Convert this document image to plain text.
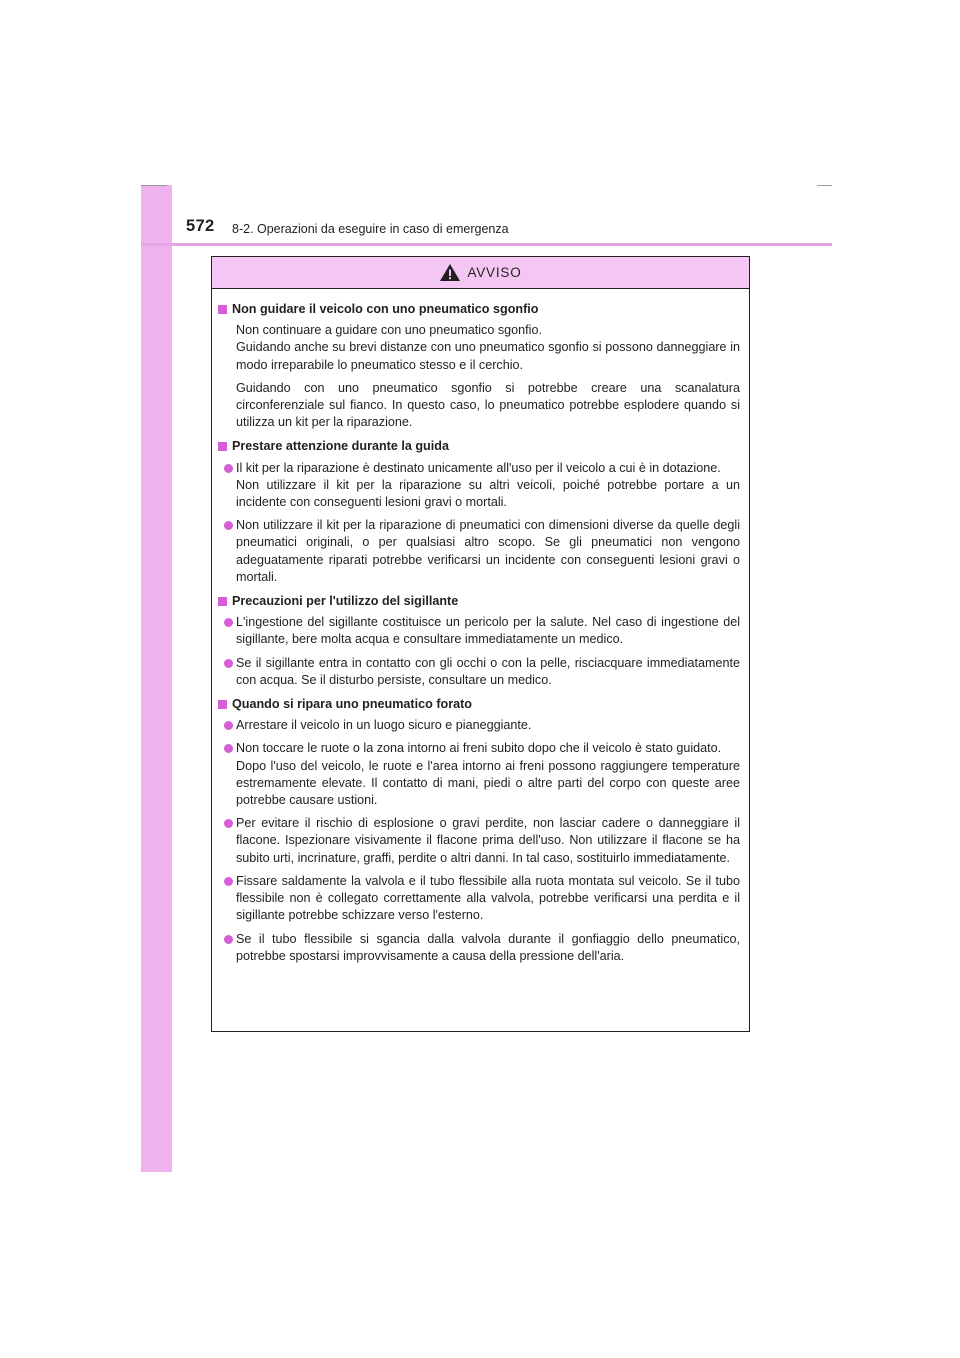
572 8-2. Operazioni da eseguire in caso di emergenza
AVVISO
Non guidare il veicolo con uno pneumatico sgonfio
Non continuare a guidare con uno pneumatico sgonfio.
Guidando anche su brevi distanze con uno pneumatico sgonfio si possono danneggiare in modo irreparabile lo pneumatico stesso e il cerchio.
Guidando con uno pneumatico sgonfio si potrebbe creare una scanalatura circonferenziale sul fianco. In questo caso, lo pneumatico potrebbe esplodere quando si utilizza un kit per la riparazione.
Prestare attenzione durante la guida
Il kit per la riparazione è destinato unicamente all'uso per il veicolo a cui è in dotazione.
Non utilizzare il kit per la riparazione su altri veicoli, poiché potrebbe portare a un incidente con conseguenti lesioni gravi o mortali.
Non utilizzare il kit per la riparazione di pneumatici con dimensioni diverse da quelle degli pneumatici originali, o per qualsiasi altro scopo. Se gli pneumatici non vengono adeguatamente riparati potrebbe verificarsi un incidente con conseguenti lesioni gravi o mortali.
Precauzioni per l'utilizzo del sigillante
L'ingestione del sigillante costituisce un pericolo per la salute. Nel caso di ingestione del sigillante, bere molta acqua e consultare immediatamente un medico.
Se il sigillante entra in contatto con gli occhi o con la pelle, risciacquare immediatamente con acqua. Se il disturbo persiste, consultare un medico.
Quando si ripara uno pneumatico forato
Arrestare il veicolo in un luogo sicuro e pianeggiante.
Non toccare le ruote o la zona intorno ai freni subito dopo che il veicolo è stato guidato.
Dopo l'uso del veicolo, le ruote e l'area intorno ai freni possono raggiungere temperature estremamente elevate. Il contatto di mani, piedi o altre parti del corpo con queste aree potrebbe causare ustioni.
Per evitare il rischio di esplosione o gravi perdite, non lasciar cadere o danneggiare il flacone. Ispezionare visivamente il flacone prima dell'uso. Non utilizzare il flacone se ha subito urti, incrinature, graffi, perdite o altri danni. In tal caso, sostituirlo immediatamente.
Fissare saldamente la valvola e il tubo flessibile alla ruota montata sul veicolo. Se il tubo flessibile non è collegato correttamente alla valvola, potrebbe verificarsi una perdita e il sigillante potrebbe schizzare verso l'esterno.
Se il tubo flessibile si sgancia dalla valvola durante il gonfiaggio dello pneumatico, potrebbe spostarsi improvvisamente a causa della pressione dell'aria.
